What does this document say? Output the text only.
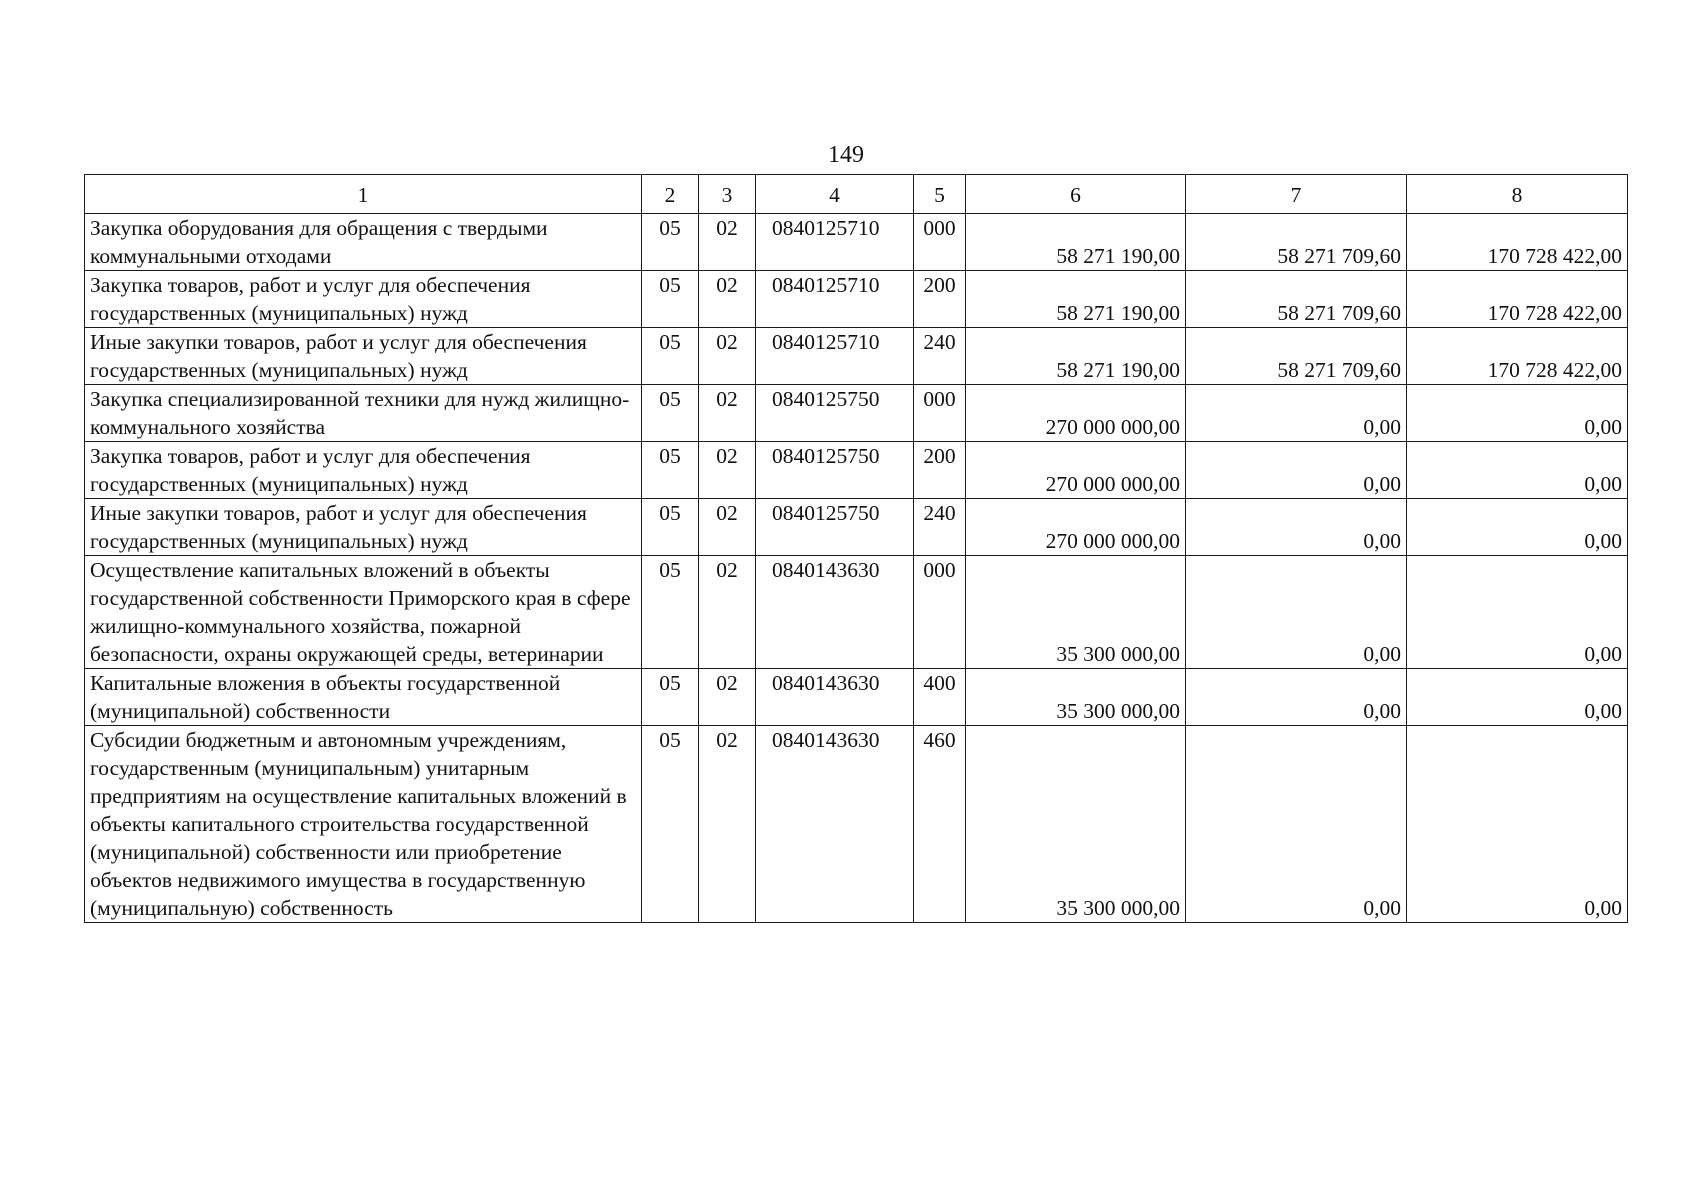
149
1	2	3	4	5	6	7	8
Закупка оборудования для обращения с твердыми коммунальными отходами	05	02	0840125710	000	58 271 190,00	58 271 709,60	170 728 422,00
Закупка товаров, работ и услуг для обеспечения государственных (муниципальных) нужд	05	02	0840125710	200	58 271 190,00	58 271 709,60	170 728 422,00
Иные закупки товаров, работ и услуг для обеспечения государственных (муниципальных) нужд	05	02	0840125710	240	58 271 190,00	58 271 709,60	170 728 422,00
Закупка специализированной техники для нужд жилищно-коммунального хозяйства	05	02	0840125750	000	270 000 000,00	0,00	0,00
Закупка товаров, работ и услуг для обеспечения государственных (муниципальных) нужд	05	02	0840125750	200	270 000 000,00	0,00	0,00
Иные закупки товаров, работ и услуг для обеспечения государственных (муниципальных) нужд	05	02	0840125750	240	270 000 000,00	0,00	0,00
Осуществление капитальных вложений в объекты государственной собственности Приморского края в сфере жилищно-коммунального хозяйства, пожарной безопасности, охраны окружающей среды, ветеринарии	05	02	0840143630	000	35 300 000,00	0,00	0,00
Капитальные вложения в объекты государственной (муниципальной) собственности	05	02	0840143630	400	35 300 000,00	0,00	0,00
Субсидии бюджетным и автономным учреждениям, государственным (муниципальным) унитарным предприятиям на осуществление капитальных вложений в объекты капитального строительства государственной (муниципальной) собственности или приобретение объектов недвижимого имущества в государственную (муниципальную) собственность	05	02	0840143630	460	35 300 000,00	0,00	0,00
